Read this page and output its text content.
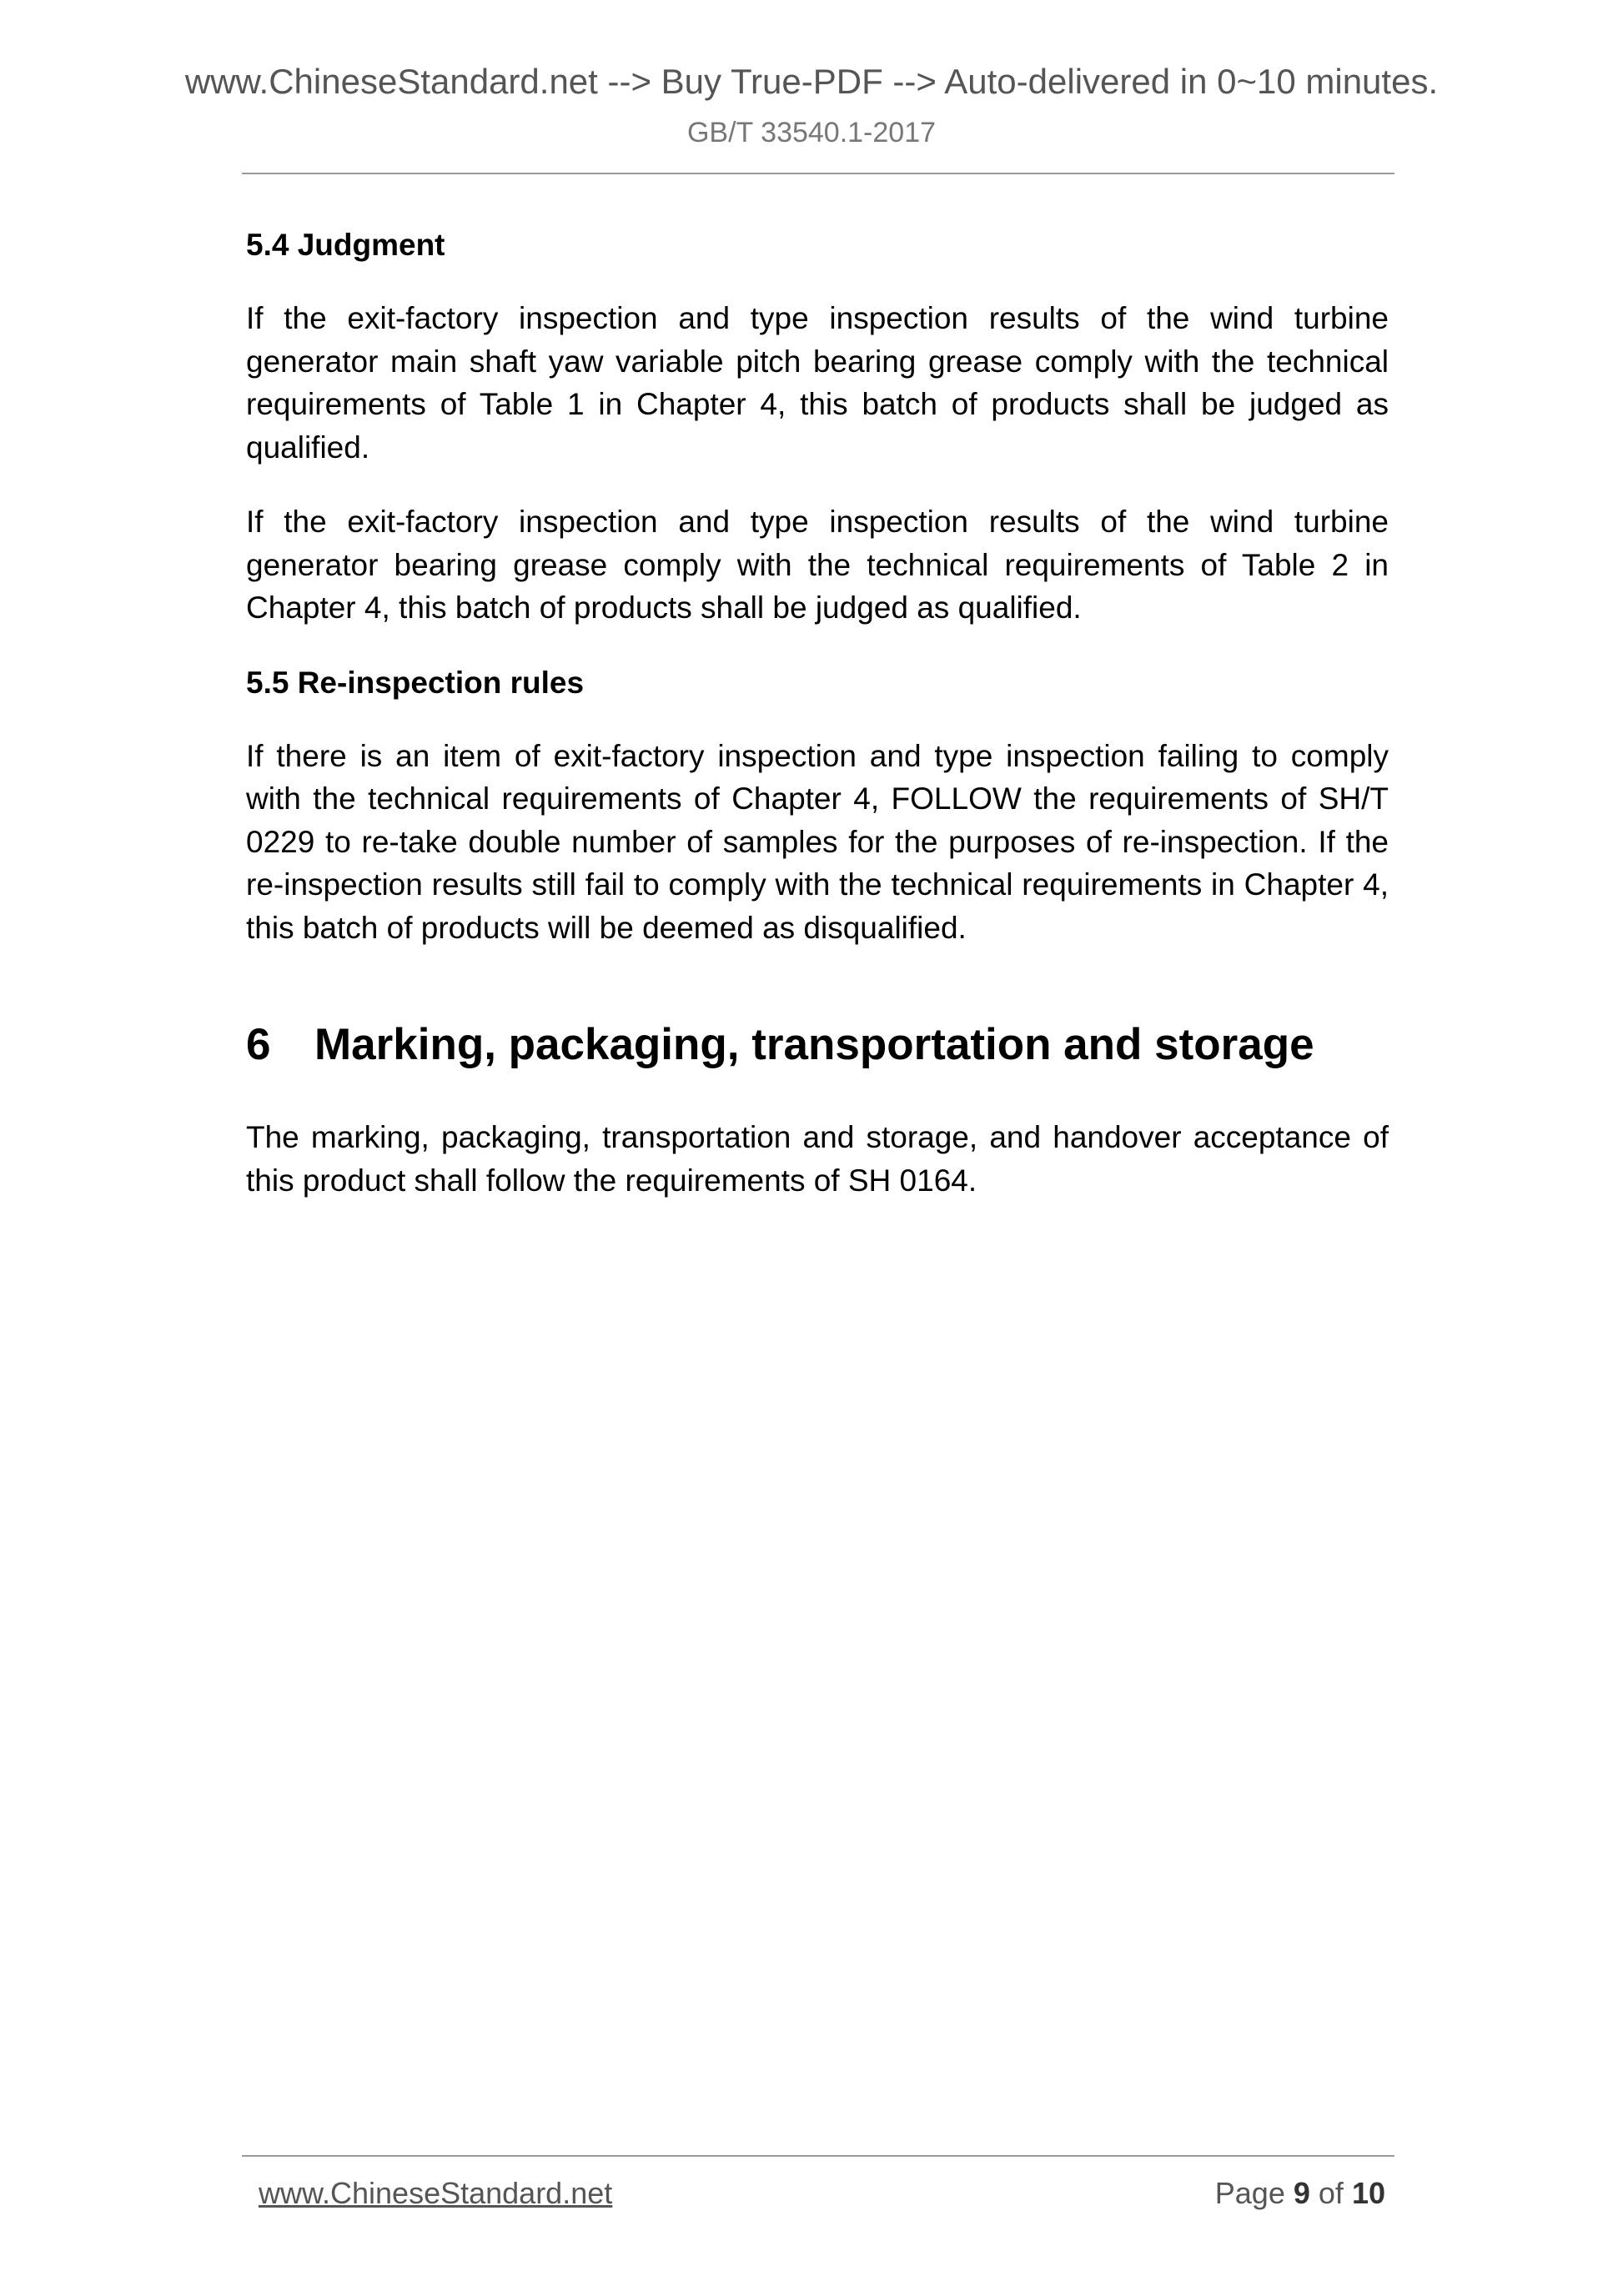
www.ChineseStandard.net --> Buy True-PDF --> Auto-delivered in 0~10 minutes.
GB/T 33540.1-2017
5.4 Judgment

If the exit-factory inspection and type inspection results of the wind turbine generator main shaft yaw variable pitch bearing grease comply with the technical requirements of Table 1 in Chapter 4, this batch of products shall be judged as qualified.

If the exit-factory inspection and type inspection results of the wind turbine generator bearing grease comply with the technical requirements of Table 2 in Chapter 4, this batch of products shall be judged as qualified.

5.5 Re-inspection rules

If there is an item of exit-factory inspection and type inspection failing to comply with the technical requirements of Chapter 4, FOLLOW the requirements of SH/T 0229 to re-take double number of samples for the purposes of re-inspection. If the re-inspection results still fail to comply with the technical requirements in Chapter 4, this batch of products will be deemed as disqualified.

6 Marking, packaging, transportation and storage

The marking, packaging, transportation and storage, and handover acceptance of this product shall follow the requirements of SH 0164.

www.ChineseStandard.net	Page 9 of 10
